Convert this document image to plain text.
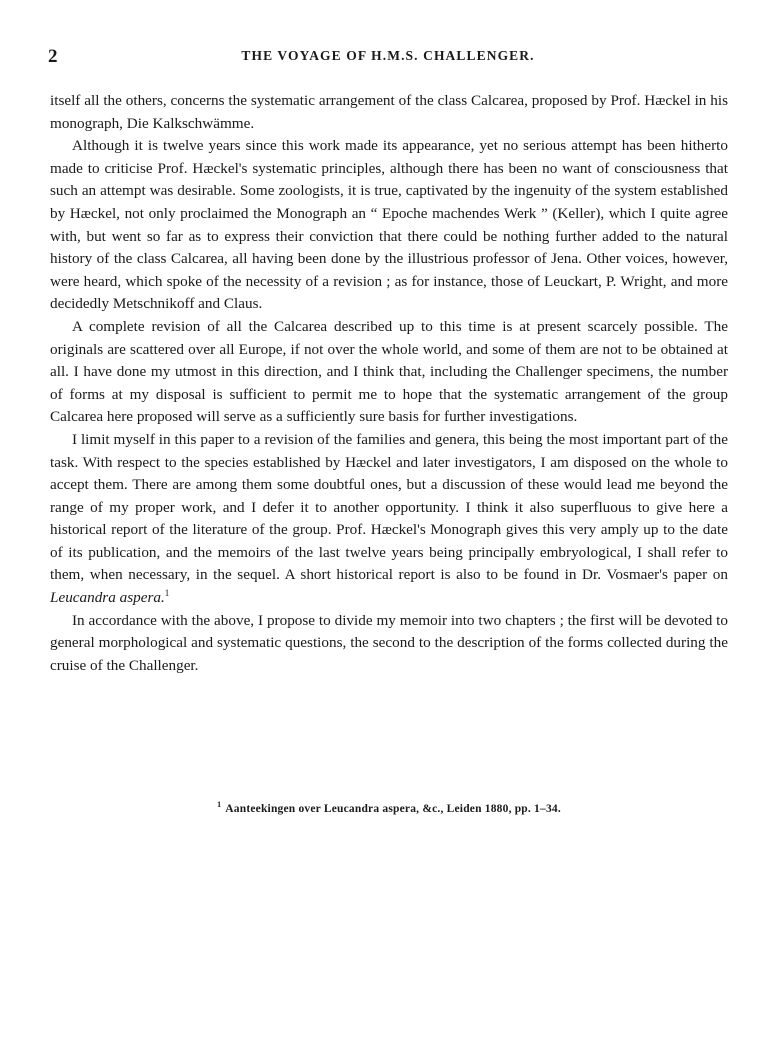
2	THE VOYAGE OF H.M.S. CHALLENGER.

itself all the others, concerns the systematic arrangement of the class Calcarea, proposed by Prof. Hæckel in his monograph, Die Kalkschwämme.

Although it is twelve years since this work made its appearance, yet no serious attempt has been hitherto made to criticise Prof. Hæckel's systematic principles, although there has been no want of consciousness that such an attempt was desirable. Some zoologists, it is true, captivated by the ingenuity of the system established by Hæckel, not only proclaimed the Monograph an “ Epoche machendes Werk ” (Keller), which I quite agree with, but went so far as to express their conviction that there could be nothing further added to the natural history of the class Calcarea, all having been done by the illustrious professor of Jena. Other voices, however, were heard, which spoke of the necessity of a revision ; as for instance, those of Leuckart, P. Wright, and more decidedly Metschnikoff and Claus.

A complete revision of all the Calcarea described up to this time is at present scarcely possible. The originals are scattered over all Europe, if not over the whole world, and some of them are not to be obtained at all. I have done my utmost in this direction, and I think that, including the Challenger specimens, the number of forms at my disposal is sufficient to permit me to hope that the systematic arrangement of the group Calcarea here proposed will serve as a sufficiently sure basis for further investigations.

I limit myself in this paper to a revision of the families and genera, this being the most important part of the task. With respect to the species established by Hæckel and later investigators, I am disposed on the whole to accept them. There are among them some doubtful ones, but a discussion of these would lead me beyond the range of my proper work, and I defer it to another opportunity. I think it also superfluous to give here a historical report of the literature of the group. Prof. Hæckel's Monograph gives this very amply up to the date of its publication, and the memoirs of the last twelve years being principally embryological, I shall refer to them, when necessary, in the sequel. A short historical report is also to be found in Dr. Vosmaer's paper on Leucandra aspera.$^1$

In accordance with the above, I propose to divide my memoir into two chapters ; the first will be devoted to general morphological and systematic questions, the second to the description of the forms collected during the cruise of the Challenger.

$^1$ Aanteekingen over Leucandra aspera, &c., Leiden 1880, pp. 1–34.
